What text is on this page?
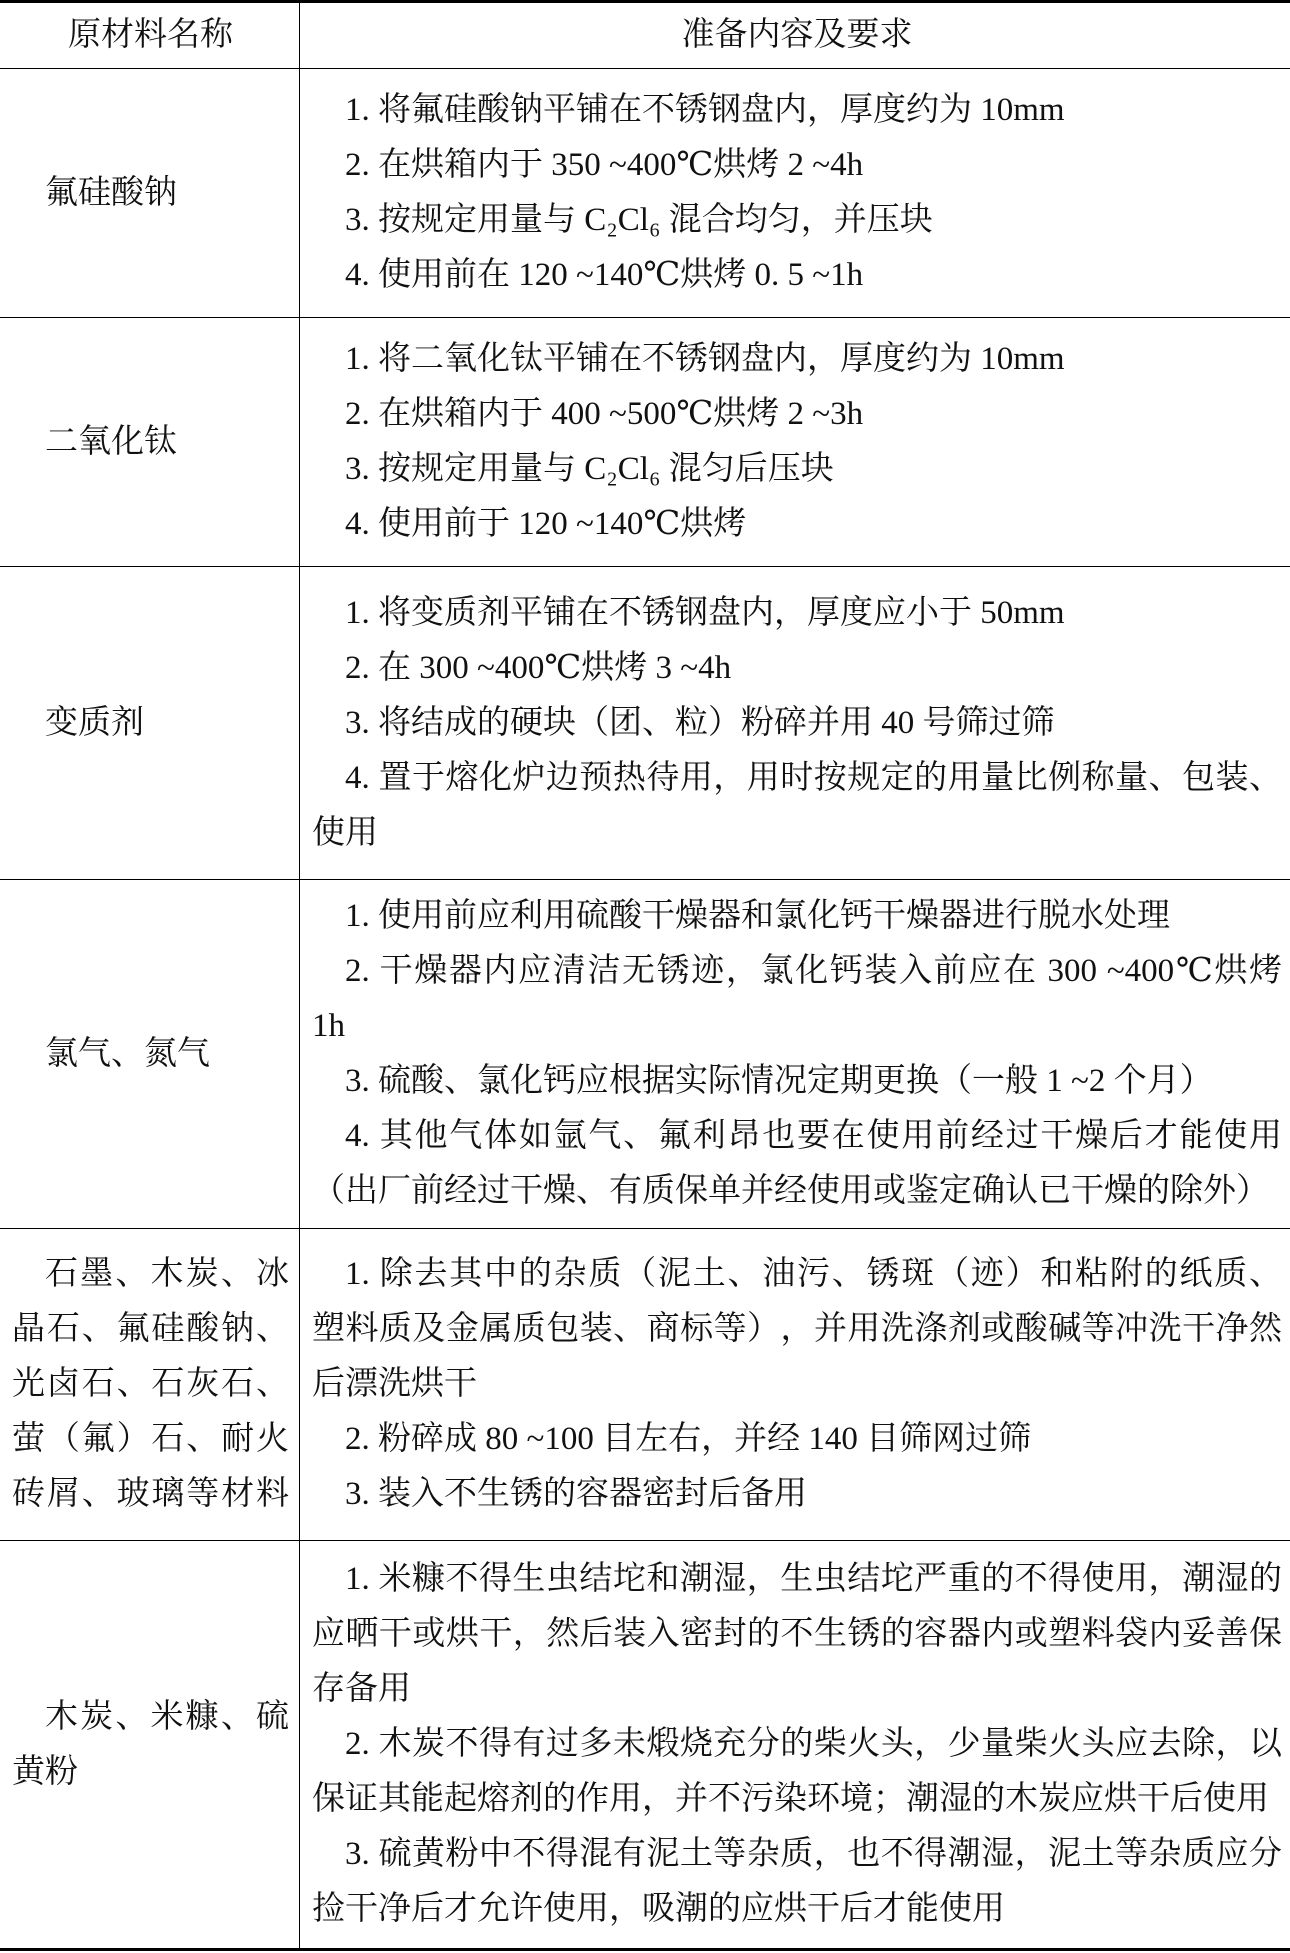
原材料名称	准备内容及要求
氟硅酸钠
1. 将氟硅酸钠平铺在不锈钢盘内，厚度约为 10mm
2. 在烘箱内于 350 ~400℃烘烤 2 ~4h
3. 按规定用量与 C₂Cl₆ 混合均匀，并压块
4. 使用前在 120 ~140℃烘烤 0. 5 ~1h
二氧化钛
1. 将二氧化钛平铺在不锈钢盘内，厚度约为 10mm
2. 在烘箱内于 400 ~500℃烘烤 2 ~3h
3. 按规定用量与 C₂Cl₆ 混匀后压块
4. 使用前于 120 ~140℃烘烤
变质剂
1. 将变质剂平铺在不锈钢盘内，厚度应小于 50mm
2. 在 300 ~400℃烘烤 3 ~4h
3. 将结成的硬块（团、粒）粉碎并用 40 号筛过筛
4. 置于熔化炉边预热待用，用时按规定的用量比例称量、包装、
使用
氯气、氮气
1. 使用前应利用硫酸干燥器和氯化钙干燥器进行脱水处理
2. 干燥器内应清洁无锈迹，氯化钙装入前应在 300 ~400℃烘烤
1h
3. 硫酸、氯化钙应根据实际情况定期更换（一般 1 ~2 个月）
4. 其他气体如氩气、氟利昂也要在使用前经过干燥后才能使用
（出厂前经过干燥、有质保单并经使用或鉴定确认已干燥的除外）
石墨、木炭、冰
晶石、氟硅酸钠、
光卤石、石灰石、
萤（氟）石、耐火
砖屑、玻璃等材料
1. 除去其中的杂质（泥土、油污、锈斑（迹）和粘附的纸质、
塑料质及金属质包装、商标等），并用洗涤剂或酸碱等冲洗干净然
后漂洗烘干
2. 粉碎成 80 ~100 目左右，并经 140 目筛网过筛
3. 装入不生锈的容器密封后备用
木炭、米糠、硫
黄粉
1. 米糠不得生虫结坨和潮湿，生虫结坨严重的不得使用，潮湿的
应晒干或烘干，然后装入密封的不生锈的容器内或塑料袋内妥善保
存备用
2. 木炭不得有过多未煅烧充分的柴火头，少量柴火头应去除，以
保证其能起熔剂的作用，并不污染环境；潮湿的木炭应烘干后使用
3. 硫黄粉中不得混有泥土等杂质，也不得潮湿，泥土等杂质应分
捡干净后才允许使用，吸潮的应烘干后才能使用
